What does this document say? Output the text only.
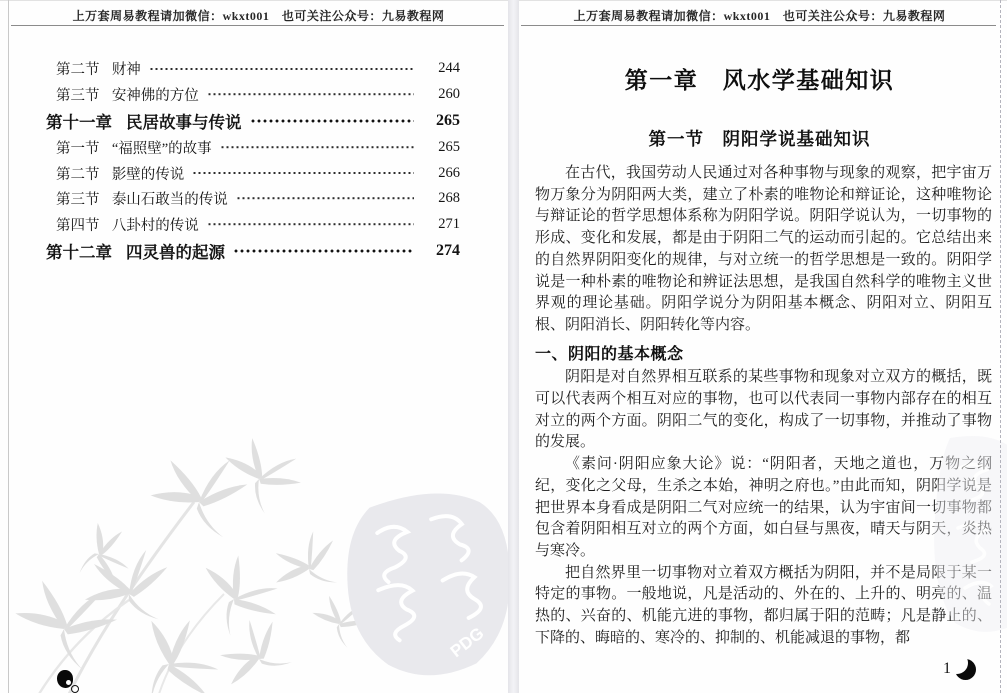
上万套周易教程请加微信：wkxt001　也可关注公众号：九易教程网
第二节 财神	244
第三节 安神佛的方位	260
第十一章 民居故事与传说	265
第一节 “福照壁”的故事	265
第二节 影壁的传说	266
第三节 泰山石敢当的传说	268
第四节 八卦村的传说	271
第十二章 四灵兽的起源	274
PDG
上万套周易教程请加微信：wkxt001　也可关注公众号：九易教程网
第一章　风水学基础知识
第一节　阴阳学说基础知识

在古代，我国劳动人民通过对各种事物与现象的观察，把宇宙万物万象分为阴阳两大类，建立了朴素的唯物论和辩证论，这种唯物论与辩证论的哲学思想体系称为阴阳学说。阴阳学说认为，一切事物的形成、变化和发展，都是由于阴阳二气的运动而引起的。它总结出来的自然界阴阳变化的规律，与对立统一的哲学思想是一致的。阴阳学说是一种朴素的唯物论和辨证法思想，是我国自然科学的唯物主义世界观的理论基础。阴阳学说分为阴阳基本概念、阴阳对立、阴阳互根、阴阳消长、阴阳转化等内容。

一、阴阳的基本概念

阴阳是对自然界相互联系的某些事物和现象对立双方的概括，既可以代表两个相互对应的事物，也可以代表同一事物内部存在的相互对立的两个方面。阴阳二气的变化，构成了一切事物，并推动了事物的发展。

《素问·阴阳应象大论》说：“阴阳者，天地之道也，万物之纲纪，变化之父母，生杀之本始，神明之府也。”由此而知，阴阳学说是把世界本身看成是阴阳二气对应统一的结果，认为宇宙间一切事物都包含着阴阳相互对立的两个方面，如白昼与黑夜，晴天与阴天，炎热与寒冷。

把自然界里一切事物对立着双方概括为阴阳，并不是局限于某一特定的事物。一般地说，凡是活动的、外在的、上升的、明亮的、温热的、兴奋的、机能亢进的事物，都归属于阳的范畴；凡是静止的、下降的、晦暗的、寒冷的、抑制的、机能减退的事物，都

1
